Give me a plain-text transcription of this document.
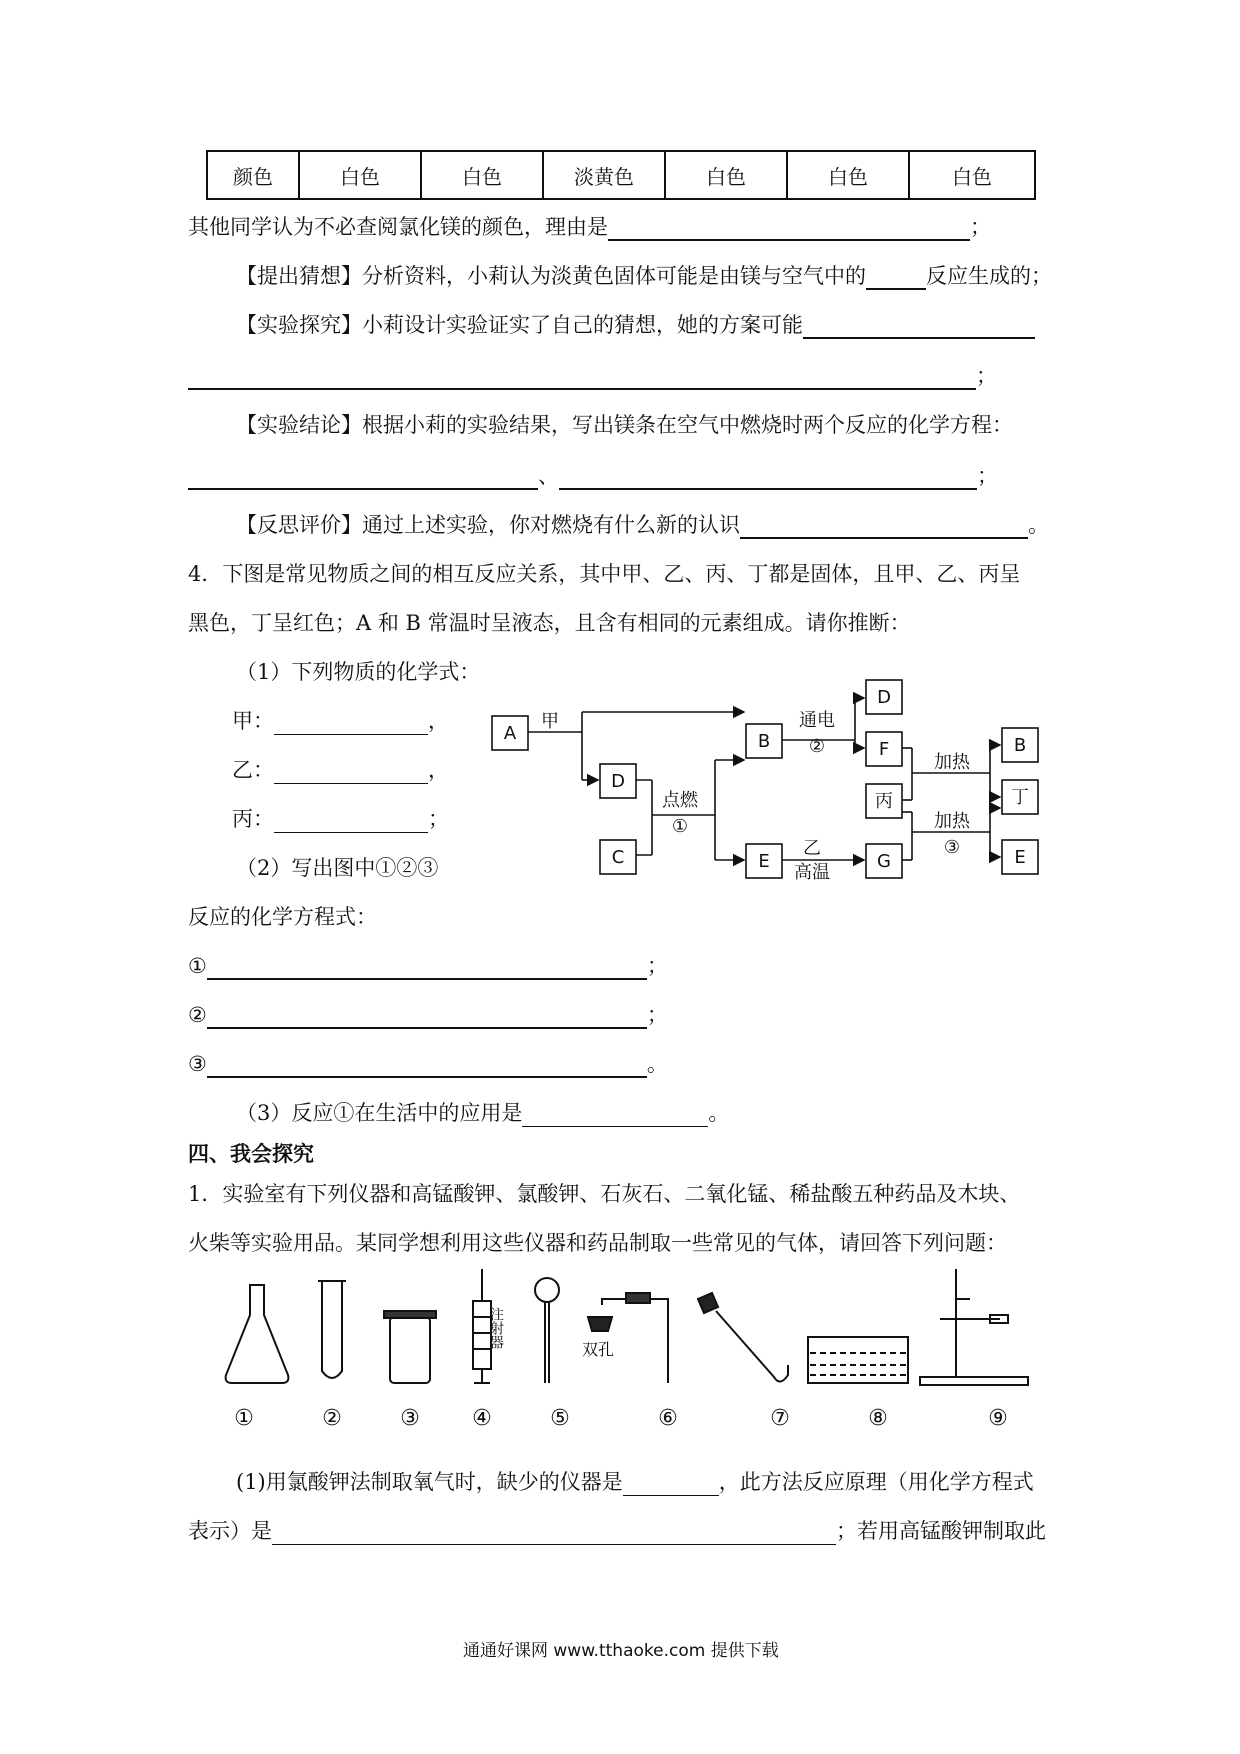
颜色	白色	白色	淡黄色	白色	白色	白色
其他同学认为不必查阅氯化镁的颜色，理由是	；
【提出猜想】分析资料，小莉认为淡黄色固体可能是由镁与空气中的	反应生成的；
【实验探究】小莉设计实验证实了自己的猜想，她的方案可能
；
【实验结论】根据小莉的实验结果，写出镁条在空气中燃烧时两个反应的化学方程：
、	；
【反思评价】通过上述实验，你对燃烧有什么新的认识	。
4．下图是常见物质之间的相互反应关系，其中甲、乙、丙、丁都是固体，且甲、乙、丙呈
黑色，丁呈红色；A 和 B 常温时呈液态，且含有相同的元素组成。请你推断：
（1）下列物质的化学式：
甲：	，
乙：	，
丙：	；
（2）写出图中①②③
反应的化学方程式：
①	；
②	；
③	。
（3）反应①在生活中的应用是	。
四、我会探究
1．实验室有下列仪器和高锰酸钾、氯酸钾、石灰石、二氧化锰、稀盐酸五种药品及木块、
火柴等实验用品。某同学想利用这些仪器和药品制取一些常见的气体，请回答下列问题：
(1)用氯酸钾法制取氧气时，缺少的仪器是	，此方法反应原理（用化学方程式
表示）是	；若用高锰酸钾制取此
A
D
C
B
E
D
F
丙
G
B
丁
E
甲
点燃
①
通电
②
乙
高温
加热
加热
③
注射器
双孔
①	②	③ ④	⑤	⑥	⑦	⑧	⑨
通通好课网 www.tthaoke.com 提供下载
